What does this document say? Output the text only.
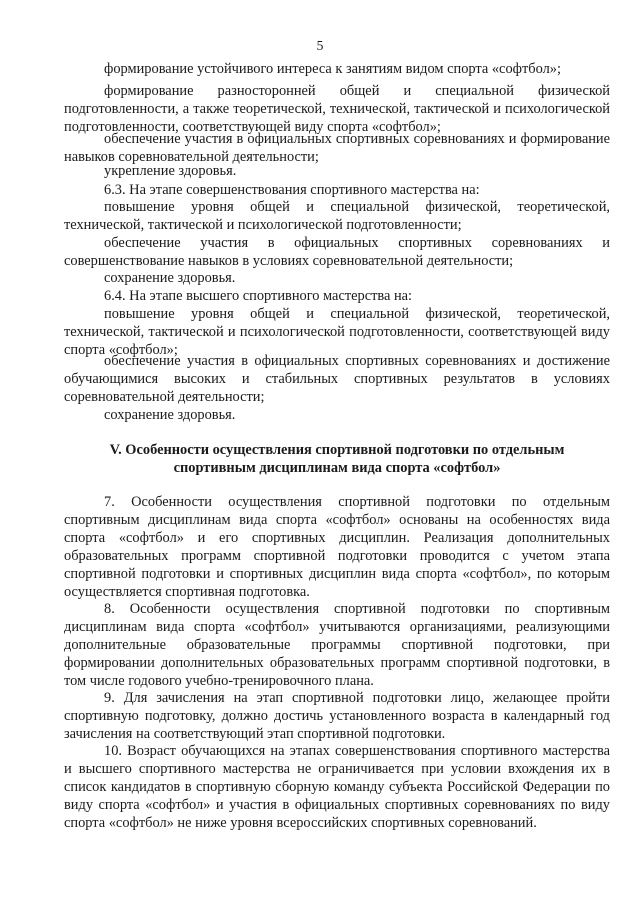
5
формирование устойчивого интереса к занятиям видом спорта «софтбол»;
формирование разносторонней общей и специальной физической подготовленности, а также теоретической, технической, тактической и психологической подготовленности, соответствующей виду спорта «софтбол»;
обеспечение участия в официальных спортивных соревнованиях и формирование навыков соревновательной деятельности;
укрепление здоровья.
6.3. На этапе совершенствования спортивного мастерства на:
повышение уровня общей и специальной физической, теоретической, технической, тактической и психологической подготовленности;
обеспечение участия в официальных спортивных соревнованиях и совершенствование навыков в условиях соревновательной деятельности;
сохранение здоровья.
6.4. На этапе высшего спортивного мастерства на:
повышение уровня общей и специальной физической, теоретической, технической, тактической и психологической подготовленности, соответствующей виду спорта «софтбол»;
обеспечение участия в официальных спортивных соревнованиях и достижение обучающимися высоких и стабильных спортивных результатов в условиях соревновательной деятельности;
сохранение здоровья.
V. Особенности осуществления спортивной подготовки по отдельным
спортивным дисциплинам вида спорта «софтбол»
7. Особенности осуществления спортивной подготовки по отдельным спортивным дисциплинам вида спорта «софтбол» основаны на особенностях вида спорта «софтбол» и его спортивных дисциплин. Реализация дополнительных образовательных программ спортивной подготовки проводится с учетом этапа спортивной подготовки и спортивных дисциплин вида спорта «софтбол», по которым осуществляется спортивная подготовка.
8. Особенности осуществления спортивной подготовки по спортивным дисциплинам вида спорта «софтбол» учитываются организациями, реализующими дополнительные образовательные программы спортивной подготовки, при формировании дополнительных образовательных программ спортивной подготовки, в том числе годового учебно-тренировочного плана.
9. Для зачисления на этап спортивной подготовки лицо, желающее пройти спортивную подготовку, должно достичь установленного возраста в календарный год зачисления на соответствующий этап спортивной подготовки.
10. Возраст обучающихся на этапах совершенствования спортивного мастерства и высшего спортивного мастерства не ограничивается при условии вхождения их в список кандидатов в спортивную сборную команду субъекта Российской Федерации по виду спорта «софтбол» и участия в официальных спортивных соревнованиях по виду спорта «софтбол» не ниже уровня всероссийских спортивных соревнований.
